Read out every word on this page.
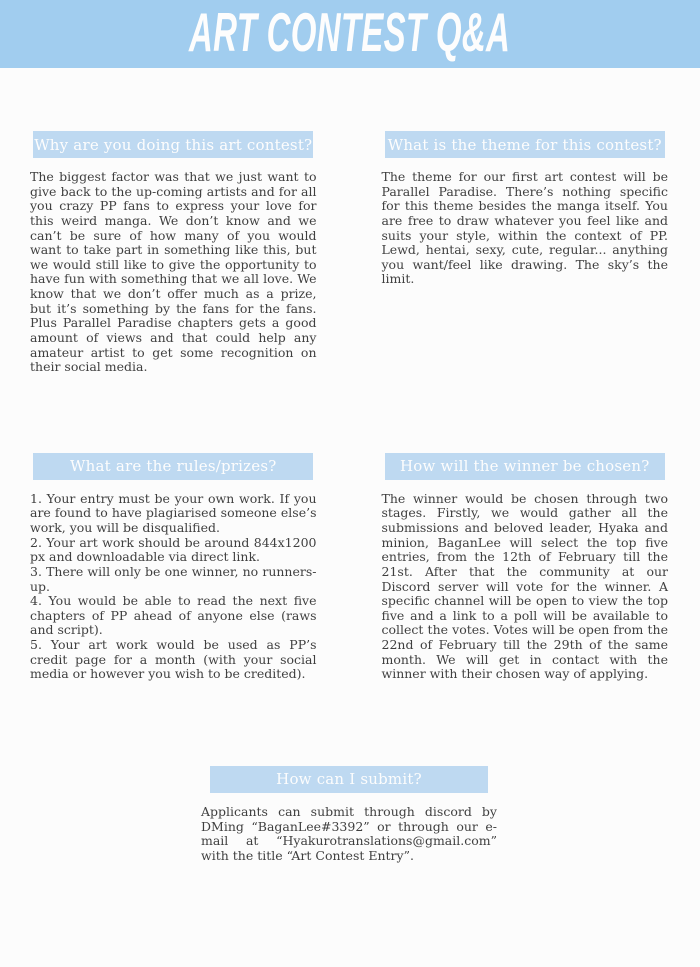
ART CONTEST Q&A
Why are you doing this art contest?

The biggest factor was that we just want to give back to the up-coming artists and for all you crazy PP fans to express your love for this weird manga. We don’t know and we can’t be sure of how many of you would want to take part in something like this, but we would still like to give the opportunity to have fun with something that we all love. We know that we don’t offer much as a prize, but it’s something by the fans for the fans. Plus Parallel Paradise chapters gets a good amount of views and that could help any amateur artist to get some recognition on their social media.

What is the theme for this contest?

The theme for our first art contest will be Parallel Paradise. There’s nothing specific for this theme besides the manga itself. You are free to draw whatever you feel like and suits your style, within the context of PP. Lewd, hentai, sexy, cute, regular... anything you want/feel like drawing. The sky’s the limit.

What are the rules/prizes?

1. Your entry must be your own work. If you are found to have plagiarised someone else’s work, you will be disqualified.

2. Your art work should be around 844x1200 px and downloadable via direct link.

3. There will only be one winner, no runners-up.

4. You would be able to read the next five chapters of PP ahead of anyone else (raws and script).

5. Your art work would be used as PP’s credit page for a month (with your social media or however you wish to be credited).

How will the winner be chosen?

The winner would be chosen through two stages. Firstly, we would gather all the submissions and beloved leader, Hyaka and minion, BaganLee will select the top five entries, from the 12th of February till the 21st. After that the community at our Discord server will vote for the winner. A specific channel will be open to view the top five and a link to a poll will be available to collect the votes. Votes will be open from the 22nd of February till the 29th of the same month. We will get in contact with the winner with their chosen way of applying.

How can I submit?

Applicants can submit through discord by DMing “BaganLee#3392” or through our e-mail at “Hyakurotranslations@gmail.com” with the title “Art Contest Entry”.
